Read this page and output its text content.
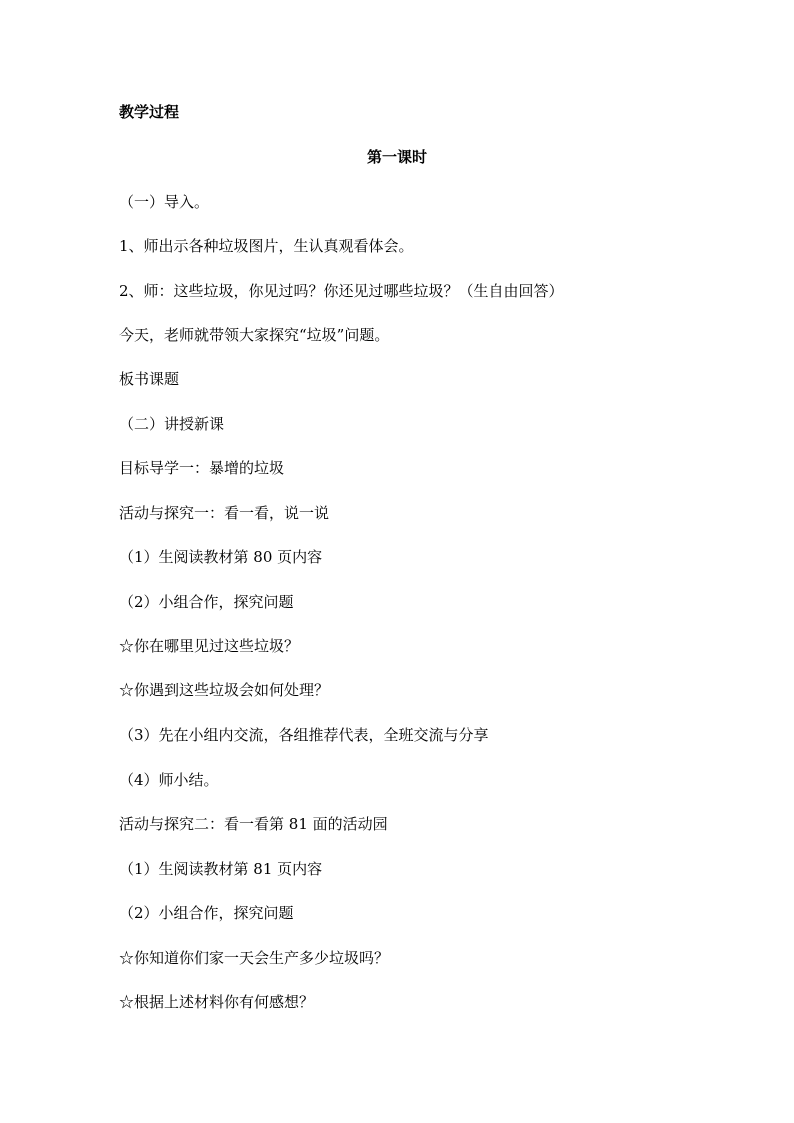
教学过程
第一课时
（一）导入。
1、师出示各种垃圾图片，生认真观看体会。
2、师：这些垃圾，你见过吗？你还见过哪些垃圾？（生自由回答）
今天，老师就带领大家探究“垃圾”问题。
板书课题
（二）讲授新课
目标导学一：暴增的垃圾
活动与探究一：看一看，说一说
（1）生阅读教材第 80 页内容
（2）小组合作，探究问题
☆你在哪里见过这些垃圾？
☆你遇到这些垃圾会如何处理？
（3）先在小组内交流，各组推荐代表，全班交流与分享
（4）师小结。
活动与探究二：看一看第 81 面的活动园
（1）生阅读教材第 81 页内容
（2）小组合作，探究问题
☆你知道你们家一天会生产多少垃圾吗？
☆根据上述材料你有何感想？
